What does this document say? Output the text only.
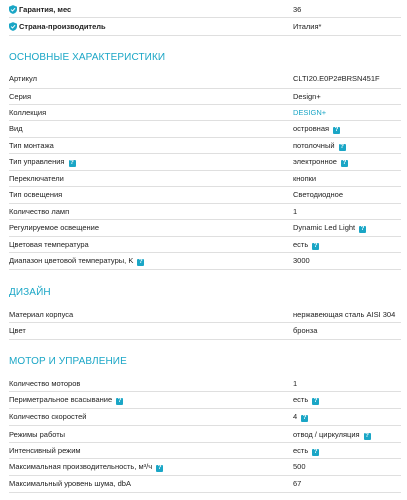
Гарантия, мес	36
Страна-производитель	Италия*
ОСНОВНЫЕ ХАРАКТЕРИСТИКИ
Артикул	CLTI20.E0P2#BRSN451F
Серия	Design+
Коллекция	DESIGN+
Вид	островная ?
Тип монтажа	потолочный ?
Тип управления ?	электронное ?
Переключатели	кнопки
Тип освещения	Светодиодное
Количество ламп	1
Регулируемое освещение	Dynamic Led Light ?
Цветовая температура	есть ?
Диапазон цветовой температуры, K ?	3000
ДИЗАЙН
Материал корпуса	нержавеющая сталь AISI 304
Цвет	бронза
МОТОР И УПРАВЛЕНИЕ
Количество моторов	1
Периметральное всасывание ?	есть ?
Количество скоростей	4 ?
Режимы работы	отвод / циркуляция ?
Интенсивный режим	есть ?
Максимальная производительность, м³/ч ?	500
Максимальный уровень шума, dbA	67
